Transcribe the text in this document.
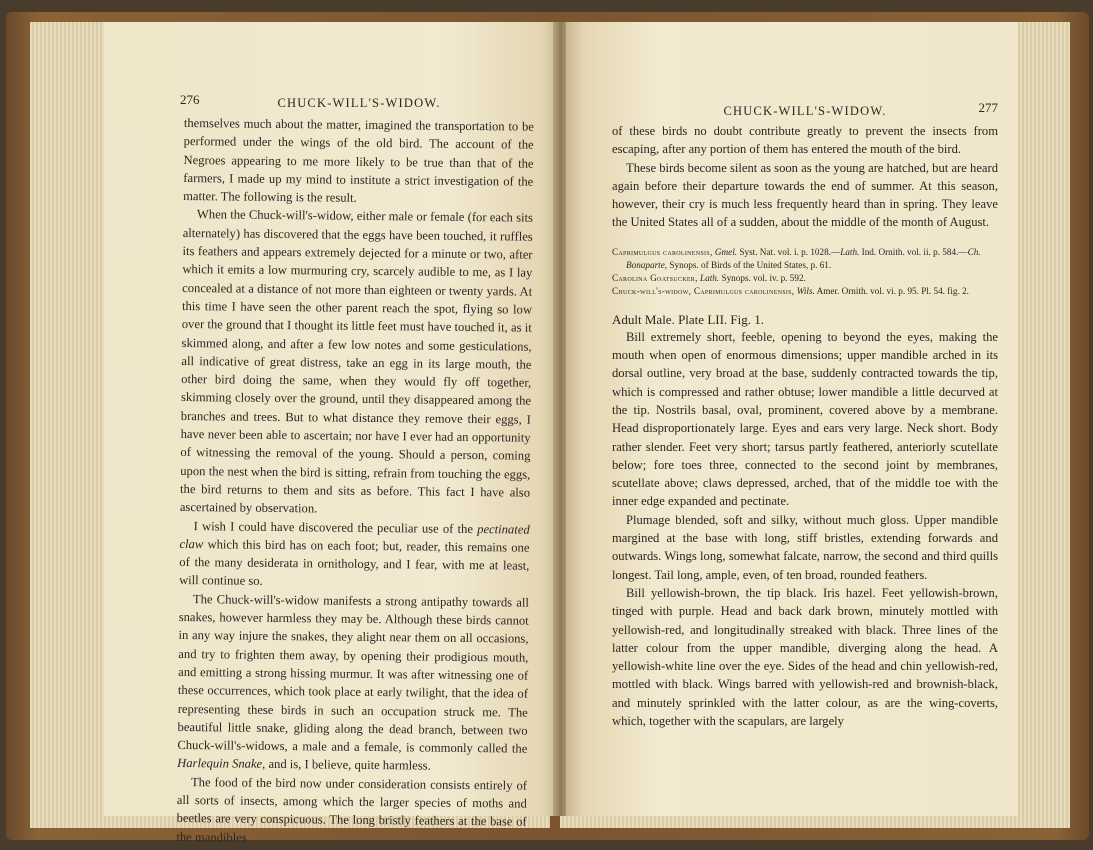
276	CHUCK-WILL'S-WIDOW.

themselves much about the matter, imagined the transportation to be performed under the wings of the old bird. The account of the Negroes appearing to me more likely to be true than that of the farmers, I made up my mind to institute a strict investigation of the matter. The following is the result.

When the Chuck-will's-widow, either male or female (for each sits alternately) has discovered that the eggs have been touched, it ruffles its feathers and appears extremely dejected for a minute or two, after which it emits a low murmuring cry, scarcely audible to me, as I lay concealed at a distance of not more than eighteen or twenty yards. At this time I have seen the other parent reach the spot, flying so low over the ground that I thought its little feet must have touched it, as it skimmed along, and after a few low notes and some gesticulations, all indicative of great distress, take an egg in its large mouth, the other bird doing the same, when they would fly off together, skimming closely over the ground, until they disappeared among the branches and trees. But to what distance they remove their eggs, I have never been able to ascertain; nor have I ever had an opportunity of witnessing the removal of the young. Should a person, coming upon the nest when the bird is sitting, refrain from touching the eggs, the bird returns to them and sits as before. This fact I have also ascertained by observation.

I wish I could have discovered the peculiar use of the pectinated claw which this bird has on each foot; but, reader, this remains one of the many desiderata in ornithology, and I fear, with me at least, will continue so.

The Chuck-will's-widow manifests a strong antipathy towards all snakes, however harmless they may be. Although these birds cannot in any way injure the snakes, they alight near them on all occasions, and try to frighten them away, by opening their prodigious mouth, and emitting a strong hissing murmur. It was after witnessing one of these occurrences, which took place at early twilight, that the idea of representing these birds in such an occupation struck me. The beautiful little snake, gliding along the dead branch, between two Chuck-will's-widows, a male and a female, is commonly called the Harlequin Snake, and is, I believe, quite harmless.

The food of the bird now under consideration consists entirely of all sorts of insects, among which the larger species of moths and beetles are very conspicuous. The long bristly feathers at the base of the mandibles

CHUCK-WILL'S-WIDOW.	277

of these birds no doubt contribute greatly to prevent the insects from escaping, after any portion of them has entered the mouth of the bird.

These birds become silent as soon as the young are hatched, but are heard again before their departure towards the end of summer. At this season, however, their cry is much less frequently heard than in spring. They leave the United States all of a sudden, about the middle of the month of August.

Caprimulgus carolinensis, Gmel. Syst. Nat. vol. i. p. 1028.—Lath. Ind. Ornith. vol. ii. p. 584.—Ch. Bonaparte, Synops. of Birds of the United States, p. 61.
Carolina Goatsucker, Lath. Synops. vol. iv. p. 592.
Chuck-will's-widow, Caprimulgus carolinensis, Wils. Amer. Ornith. vol. vi. p. 95. Pl. 54. fig. 2.
Adult Male. Plate LII. Fig. 1.

Bill extremely short, feeble, opening to beyond the eyes, making the mouth when open of enormous dimensions; upper mandible arched in its dorsal outline, very broad at the base, suddenly contracted towards the tip, which is compressed and rather obtuse; lower mandible a little decurved at the tip. Nostrils basal, oval, prominent, covered above by a membrane. Head disproportionately large. Eyes and ears very large. Neck short. Body rather slender. Feet very short; tarsus partly feathered, anteriorly scutellate below; fore toes three, connected to the second joint by membranes, scutellate above; claws depressed, arched, that of the middle toe with the inner edge expanded and pectinate.

Plumage blended, soft and silky, without much gloss. Upper mandible margined at the base with long, stiff bristles, extending forwards and outwards. Wings long, somewhat falcate, narrow, the second and third quills longest. Tail long, ample, even, of ten broad, rounded feathers.

Bill yellowish-brown, the tip black. Iris hazel. Feet yellowish-brown, tinged with purple. Head and back dark brown, minutely mottled with yellowish-red, and longitudinally streaked with black. Three lines of the latter colour from the upper mandible, diverging along the head. A yellowish-white line over the eye. Sides of the head and chin yellowish-red, mottled with black. Wings barred with yellowish-red and brownish-black, and minutely sprinkled with the latter colour, as are the wing-coverts, which, together with the scapulars, are largely
